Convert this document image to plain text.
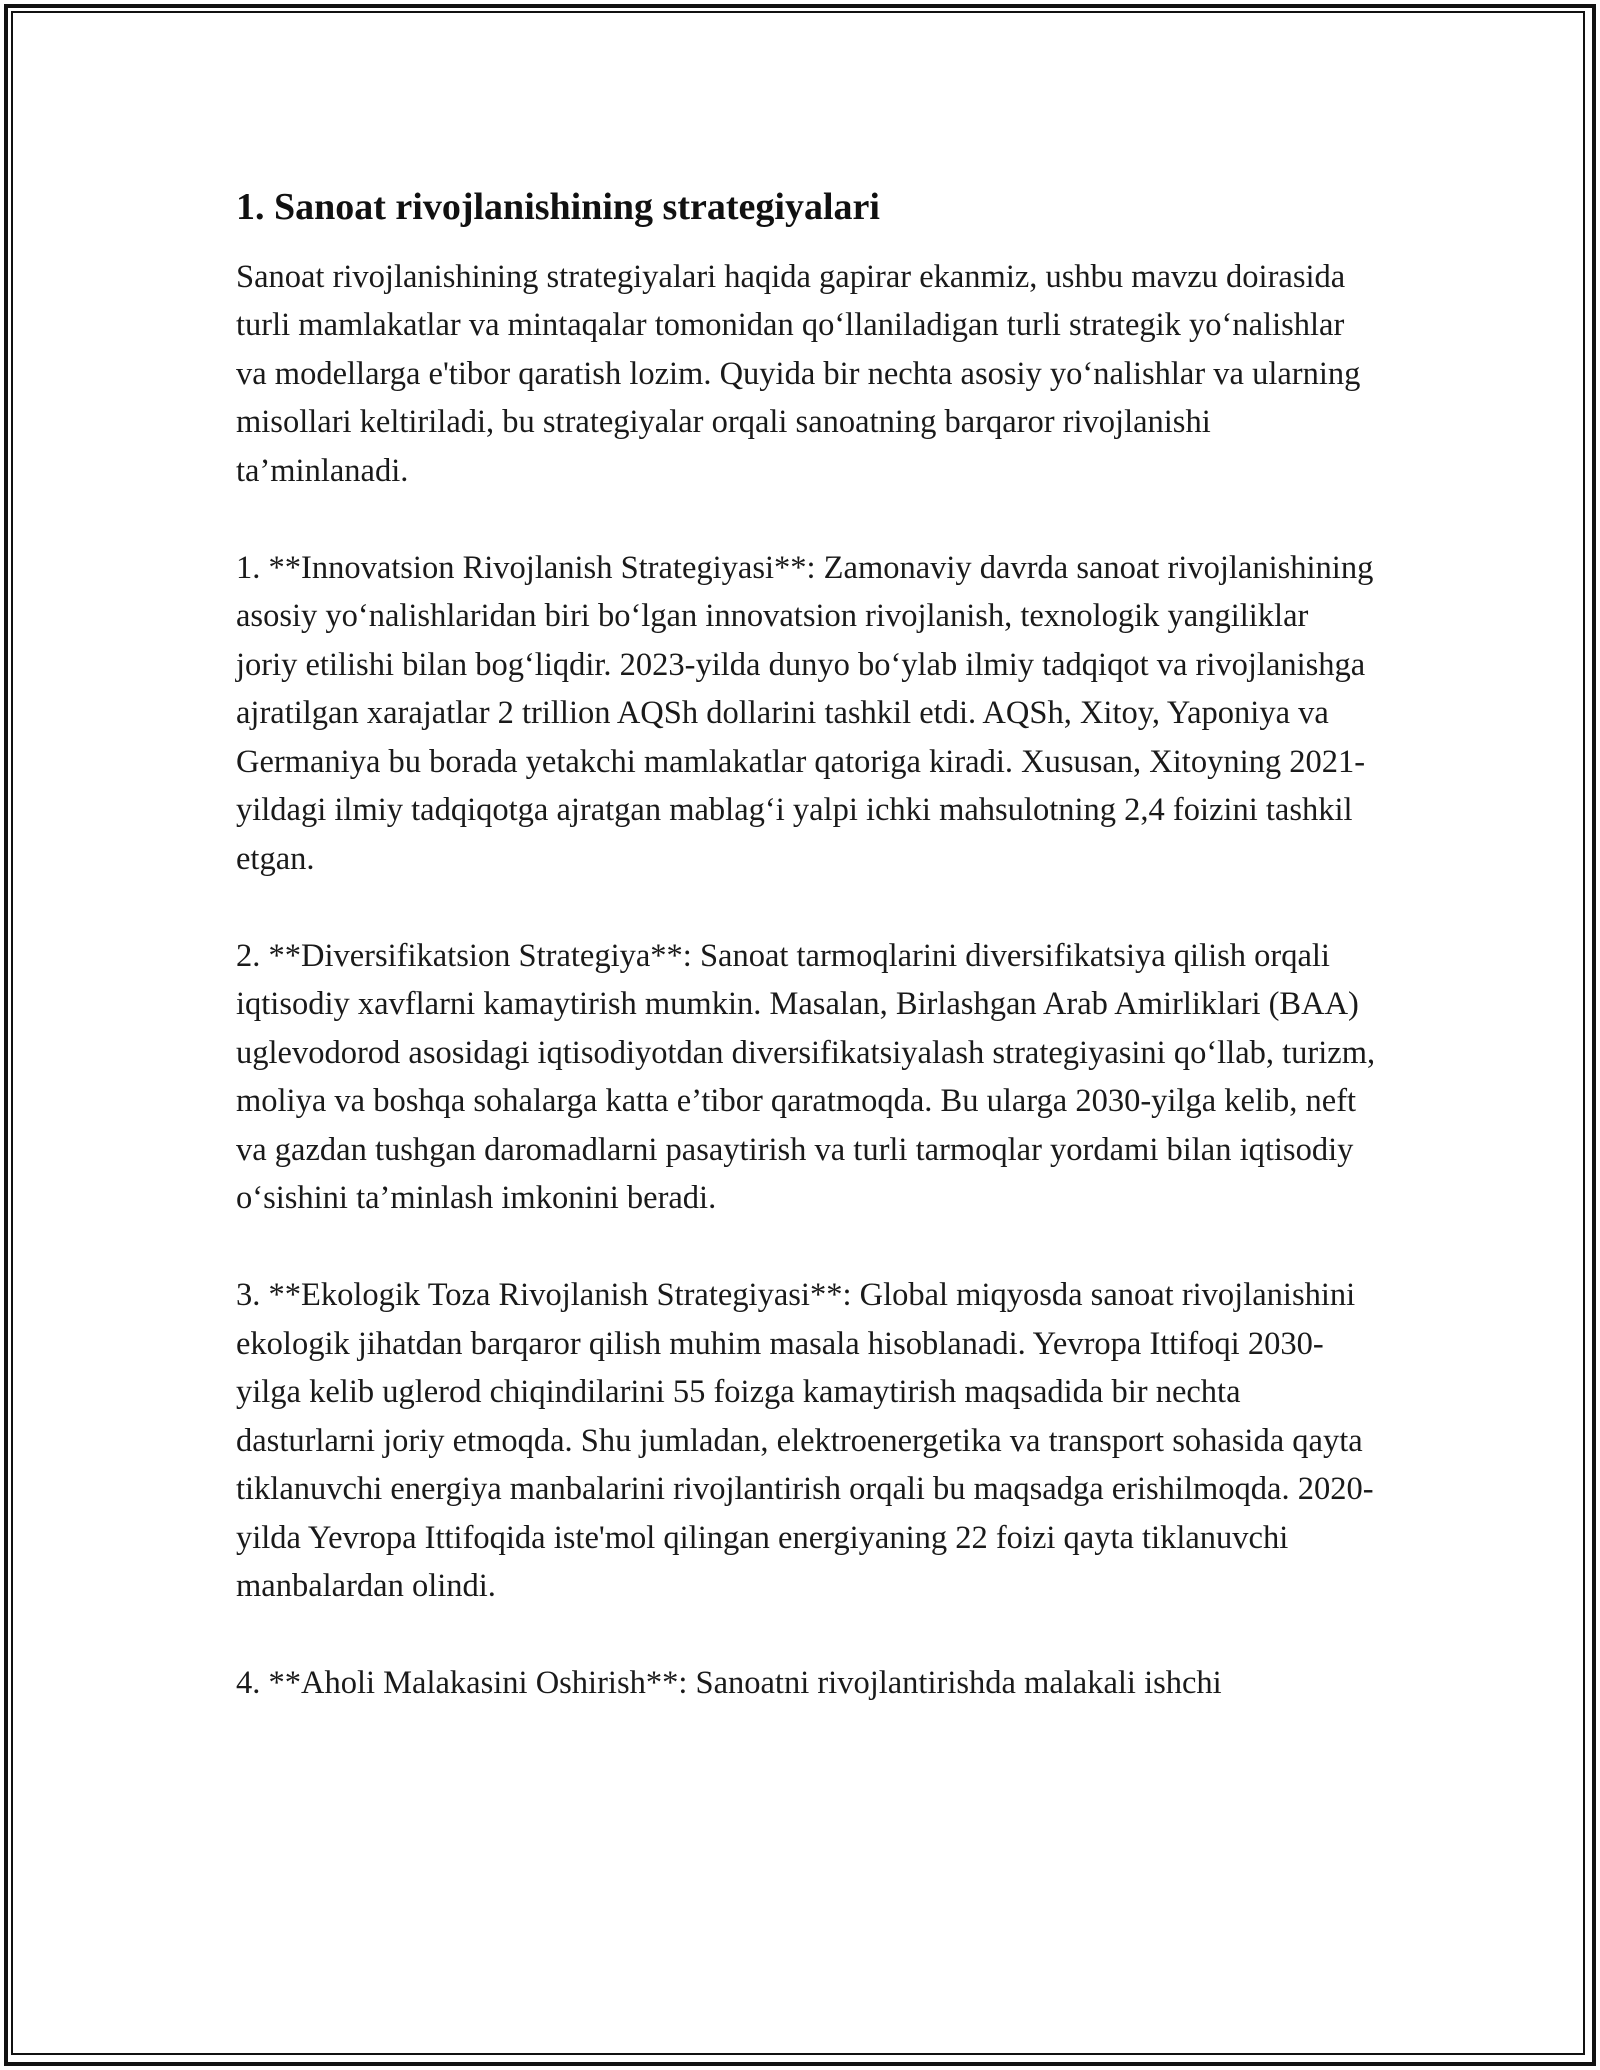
1. Sanoat rivojlanishining strategiyalari

Sanoat rivojlanishining strategiyalari haqida gapirar ekanmiz, ushbu mavzu doirasida turli mamlakatlar va mintaqalar tomonidan qo‘llaniladigan turli strategik yo‘nalishlar va modellarga e'tibor qaratish lozim. Quyida bir nechta asosiy yo‘nalishlar va ularning misollari keltiriladi, bu strategiyalar orqali sanoatning barqaror rivojlanishi ta’minlanadi.

1. **Innovatsion Rivojlanish Strategiyasi**: Zamonaviy davrda sanoat rivojlanishining asosiy yo‘nalishlaridan biri bo‘lgan innovatsion rivojlanish, texnologik yangiliklar joriy etilishi bilan bog‘liqdir. 2023-yilda dunyo bo‘ylab ilmiy tadqiqot va rivojlanishga ajratilgan xarajatlar 2 trillion AQSh dollarini tashkil etdi. AQSh, Xitoy, Yaponiya va Germaniya bu borada yetakchi mamlakatlar qatoriga kiradi. Xususan, Xitoyning 2021-yildagi ilmiy tadqiqotga ajratgan mablag‘i yalpi ichki mahsulotning 2,4 foizini tashkil etgan.

2. **Diversifikatsion Strategiya**: Sanoat tarmoqlarini diversifikatsiya qilish orqali iqtisodiy xavflarni kamaytirish mumkin. Masalan, Birlashgan Arab Amirliklari (BAA) uglevodorod asosidagi iqtisodiyotdan diversifikatsiyalash strategiyasini qo‘llab, turizm, moliya va boshqa sohalarga katta e’tibor qaratmoqda. Bu ularga 2030-yilga kelib, neft va gazdan tushgan daromadlarni pasaytirish va turli tarmoqlar yordami bilan iqtisodiy o‘sishini ta’minlash imkonini beradi.

3. **Ekologik Toza Rivojlanish Strategiyasi**: Global miqyosda sanoat rivojlanishini ekologik jihatdan barqaror qilish muhim masala hisoblanadi. Yevropa Ittifoqi 2030-yilga kelib uglerod chiqindilarini 55 foizga kamaytirish maqsadida bir nechta dasturlarni joriy etmoqda. Shu jumladan, elektroenergetika va transport sohasida qayta tiklanuvchi energiya manbalarini rivojlantirish orqali bu maqsadga erishilmoqda. 2020-yilda Yevropa Ittifoqida iste'mol qilingan energiyaning 22 foizi qayta tiklanuvchi manbalardan olindi.

4. **Aholi Malakasini Oshirish**: Sanoatni rivojlantirishda malakali ishchi
